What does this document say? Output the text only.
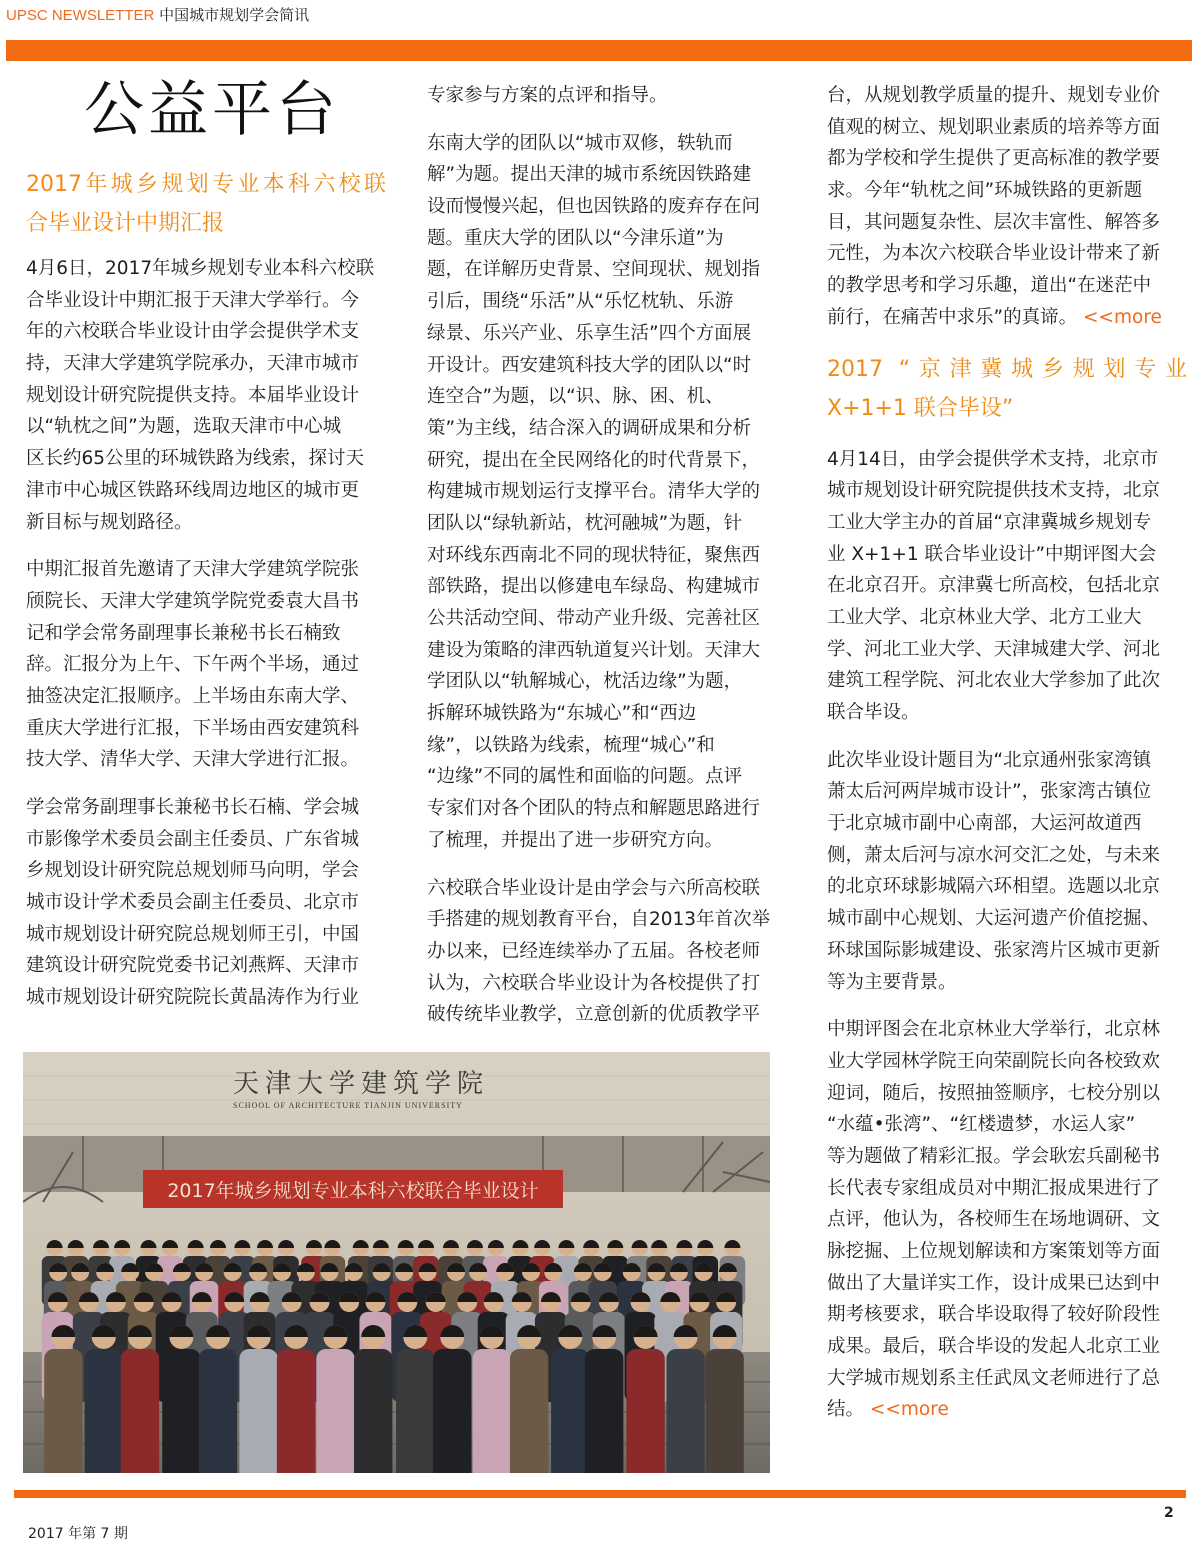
UPSC NEWSLETTER 中国城市规划学会简讯
公益平台
2017年城乡规划专业本科六校联
合毕业设计中期汇报
4月6日，2017年城乡规划专业本科六校联
合毕业设计中期汇报于天津大学举行。今
年的六校联合毕业设计由学会提供学术支
持，天津大学建筑学院承办，天津市城市
规划设计研究院提供支持。本届毕业设计
以“轨枕之间”为题，选取天津市中心城
区长约65公里的环城铁路为线索，探讨天
津市中心城区铁路环线周边地区的城市更
新目标与规划路径。
中期汇报首先邀请了天津大学建筑学院张
颀院长、天津大学建筑学院党委袁大昌书
记和学会常务副理事长兼秘书长石楠致
辞。汇报分为上午、下午两个半场，通过
抽签决定汇报顺序。上半场由东南大学、
重庆大学进行汇报，下半场由西安建筑科
技大学、清华大学、天津大学进行汇报。
学会常务副理事长兼秘书长石楠、学会城
市影像学术委员会副主任委员、广东省城
乡规划设计研究院总规划师马向明，学会
城市设计学术委员会副主任委员、北京市
城市规划设计研究院总规划师王引，中国
建筑设计研究院党委书记刘燕辉、天津市
城市规划设计研究院院长黄晶涛作为行业
专家参与方案的点评和指导。
东南大学的团队以“城市双修，轶轨而
解”为题。提出天津的城市系统因铁路建
设而慢慢兴起，但也因铁路的废弃存在问
题。重庆大学的团队以“今津乐道”为
题，在详解历史背景、空间现状、规划指
引后，围绕“乐活”从“乐忆枕轨、乐游
绿景、乐兴产业、乐享生活”四个方面展
开设计。西安建筑科技大学的团队以“时
连空合”为题，以“识、脉、困、机、
策”为主线，结合深入的调研成果和分析
研究，提出在全民网络化的时代背景下，
构建城市规划运行支撑平台。清华大学的
团队以“绿轨新站，枕河融城”为题，针
对环线东西南北不同的现状特征，聚焦西
部铁路，提出以修建电车绿岛、构建城市
公共活动空间、带动产业升级、完善社区
建设为策略的津西轨道复兴计划。天津大
学团队以“轨解城心，枕活边缘”为题，
拆解环城铁路为“东城心”和“西边
缘”，以铁路为线索，梳理“城心”和
“边缘”不同的属性和面临的问题。点评
专家们对各个团队的特点和解题思路进行
了梳理，并提出了进一步研究方向。
六校联合毕业设计是由学会与六所高校联
手搭建的规划教育平台，自2013年首次举
办以来，已经连续举办了五届。各校老师
认为，六校联合毕业设计为各校提供了打
破传统毕业教学，立意创新的优质教学平
台，从规划教学质量的提升、规划专业价
值观的树立、规划职业素质的培养等方面
都为学校和学生提供了更高标准的教学要
求。今年“轨枕之间”环城铁路的更新题
目，其问题复杂性、层次丰富性、解答多
元性，为本次六校联合毕业设计带来了新
的教学思考和学习乐趣，道出“在迷茫中
前行，在痛苦中求乐”的真谛。 <<more
2017 “京津冀城乡规划专业
X+1+1 联合毕设”
4月14日，由学会提供学术支持，北京市
城市规划设计研究院提供技术支持，北京
工业大学主办的首届“京津冀城乡规划专
业 X+1+1 联合毕业设计”中期评图大会
在北京召开。京津冀七所高校，包括北京
工业大学、北京林业大学、北方工业大
学、河北工业大学、天津城建大学、河北
建筑工程学院、河北农业大学参加了此次
联合毕设。
此次毕业设计题目为“北京通州张家湾镇
萧太后河两岸城市设计”，张家湾古镇位
于北京城市副中心南部，大运河故道西
侧，萧太后河与凉水河交汇之处，与未来
的北京环球影城隔六环相望。选题以北京
城市副中心规划、大运河遗产价值挖掘、
环球国际影城建设、张家湾片区城市更新
等为主要背景。
中期评图会在北京林业大学举行，北京林
业大学园林学院王向荣副院长向各校致欢
迎词，随后，按照抽签顺序，七校分别以
“水蕴•张湾”、“红楼遗梦，水运人家”
等为题做了精彩汇报。学会耿宏兵副秘书
长代表专家组成员对中期汇报成果进行了
点评，他认为，各校师生在场地调研、文
脉挖掘、上位规划解读和方案策划等方面
做出了大量详实工作，设计成果已达到中
期考核要求，联合毕设取得了较好阶段性
成果。最后，联合毕设的发起人北京工业
大学城市规划系主任武凤文老师进行了总
结。 <<more
天津大学建筑学院
SCHOOL OF ARCHITECTURE TIANJIN UNIVERSITY
2017年城乡规划专业本科六校联合毕业设计
2017 年第 7 期
2
